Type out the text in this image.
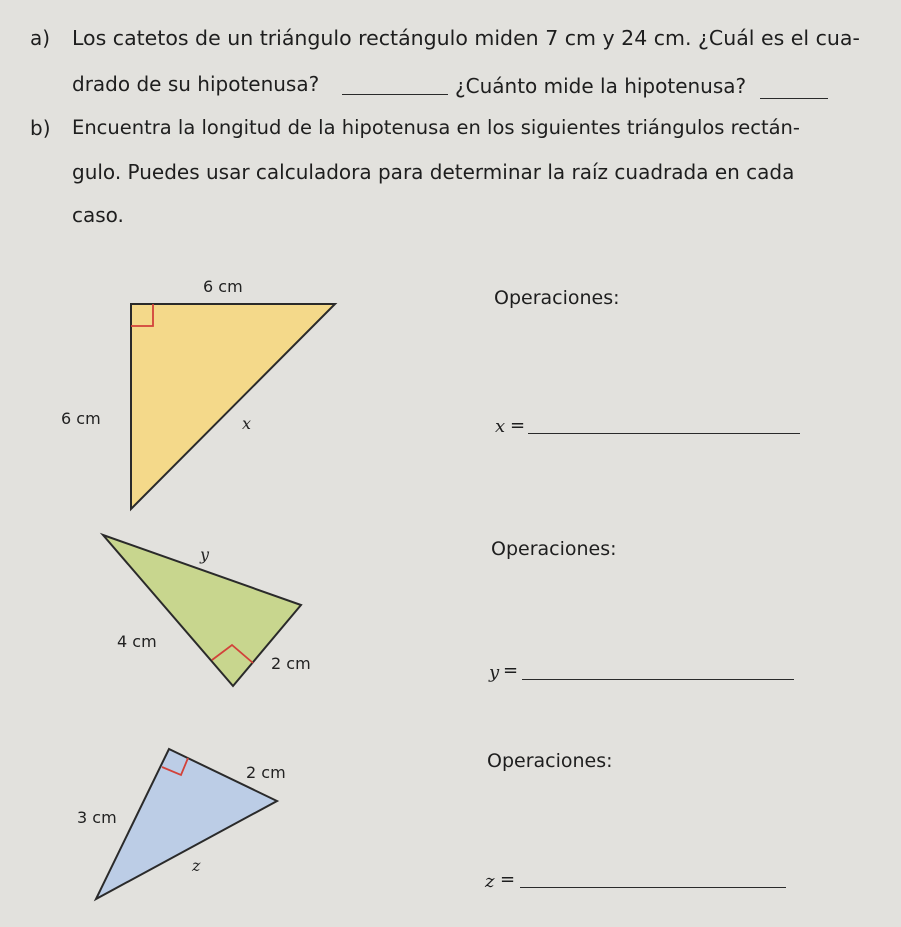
a) Los catetos de un triángulo rectángulo miden 7 cm y 24 cm. ¿Cuál es el cua-
drado de su hipotenusa?	¿Cuánto mide la hipotenusa?
b) Encuentra la longitud de la hipotenusa en los siguientes triángulos rectán-
gulo. Puedes usar calculadora para determinar la raíz cuadrada en cada
caso.
6 cm
6 cm	x
y
4 cm
2 cm
2 cm
3 cm
z
Operaciones:
x =
Operaciones:
y =
Operaciones:
z =
